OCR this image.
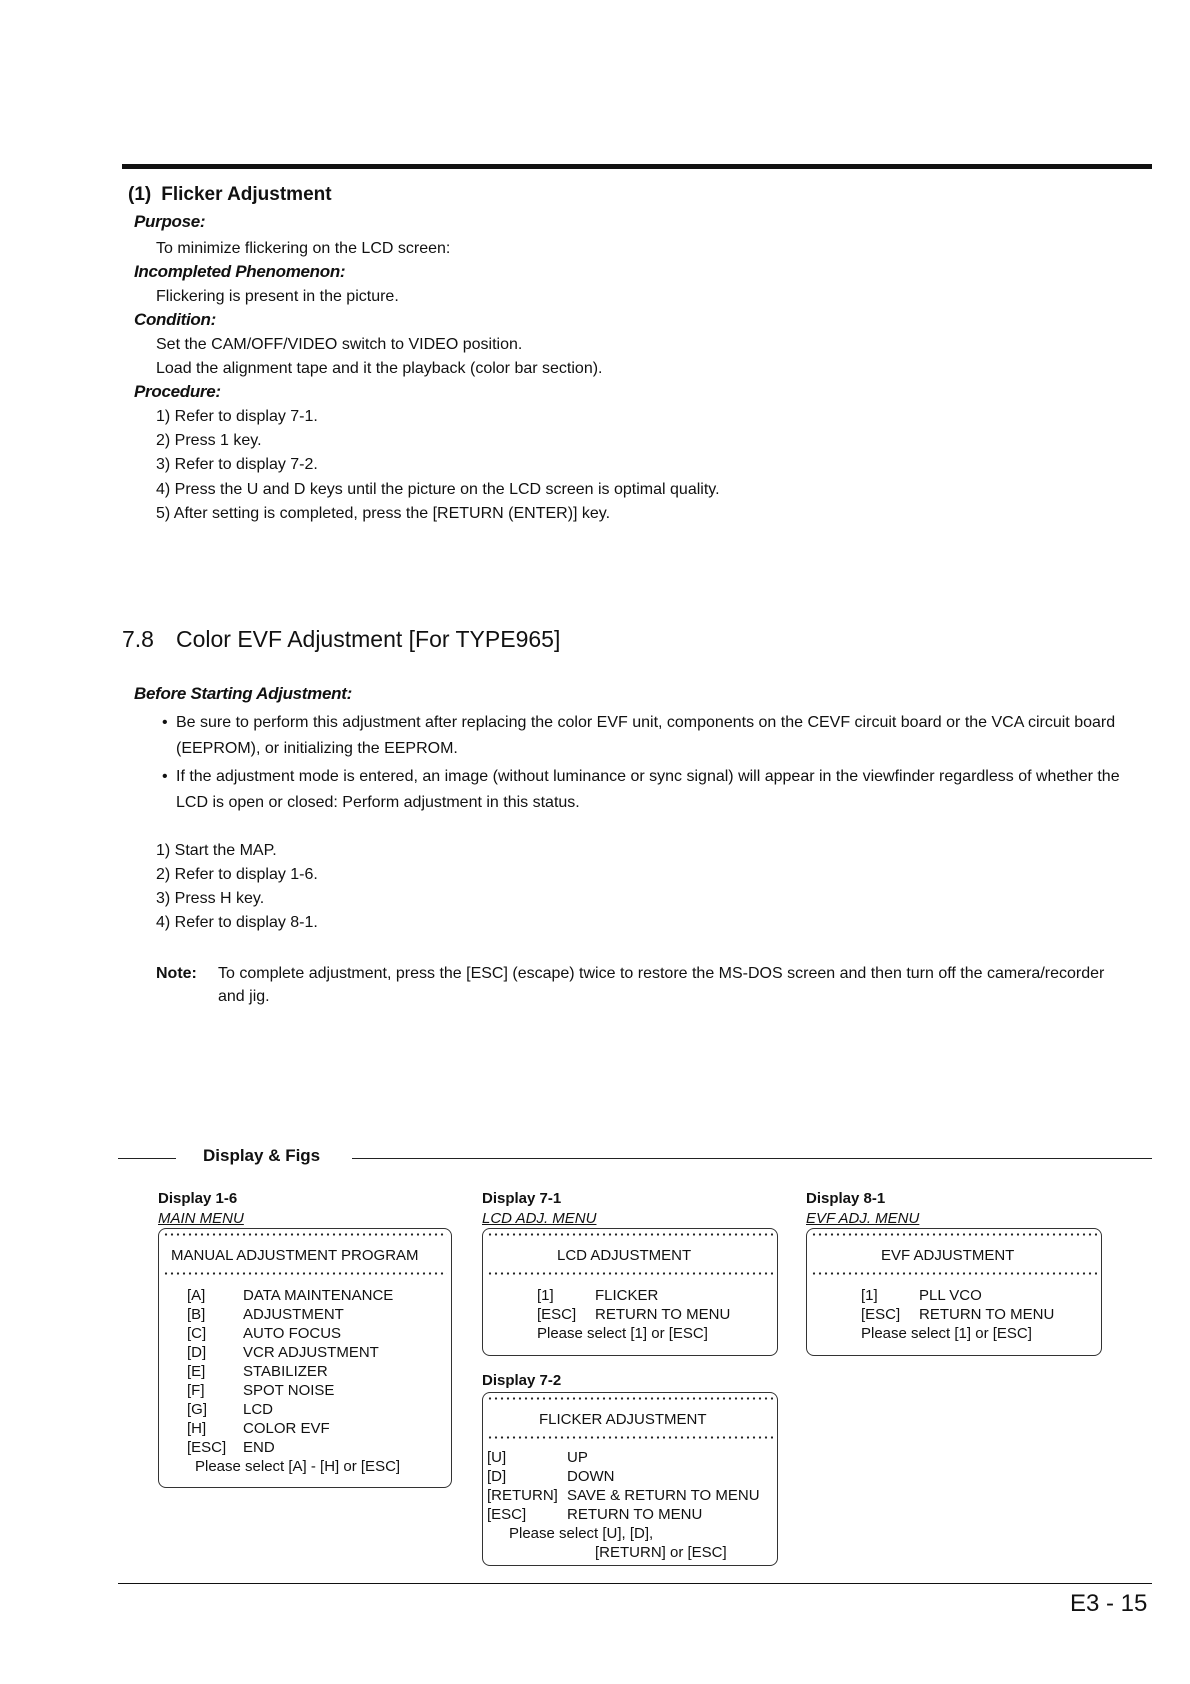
(1) Flicker Adjustment
Purpose:
To minimize flickering on the LCD screen:
Incompleted Phenomenon:
Flickering is present in the picture.
Condition:
Set the CAM/OFF/VIDEO switch to VIDEO position.
Load the alignment tape and it the playback (color bar section).
Procedure:
1) Refer to display 7-1.
2) Press 1 key.
3) Refer to display 7-2.
4) Press the U and D keys until the picture on the LCD screen is optimal quality.
5) After setting is completed, press the [RETURN (ENTER)] key.
7.8 Color EVF Adjustment [For TYPE965]
Before Starting Adjustment:
• Be sure to perform this adjustment after replacing the color EVF unit, components on the CEVF circuit board or the VCA circuit board (EEPROM), or initializing the EEPROM.
• If the adjustment mode is entered, an image (without luminance or sync signal) will appear in the viewfinder regardless of whether the LCD is open or closed: Perform adjustment in this status.
1) Start the MAP.
2) Refer to display 1-6.
3) Press H key.
4) Refer to display 8-1.
Note: To complete adjustment, press the [ESC] (escape) twice to restore the MS-DOS screen and then turn off the camera/recorder and jig.
Display & Figs
Display 1-6
MAIN MENU
MANUAL ADJUSTMENT PROGRAM
[A]	DATA MAINTENANCE
[B]	ADJUSTMENT
[C] AUTO FOCUS
[D] VCR ADJUSTMENT
[E]	STABILIZER
[F]	SPOT NOISE
[G] LCD
[H] COLOR EVF
[ESC] END
Please select [A] - [H] or [ESC]
Display 7-1
LCD ADJ. MENU
LCD ADJUSTMENT
[1]	FLICKER
[ESC] RETURN TO MENU
Please select [1] or [ESC]
Display 7-2
FLICKER ADJUSTMENT
[U]	UP
[D]	DOWN
[RETURN] SAVE & RETURN TO MENU
[ESC]	RETURN TO MENU
Please select [U], [D],
[RETURN] or [ESC]
Display 8-1
EVF ADJ. MENU
EVF ADJUSTMENT
[1]	PLL VCO
[ESC] RETURN TO MENU
Please select [1] or [ESC]
E3 - 15
